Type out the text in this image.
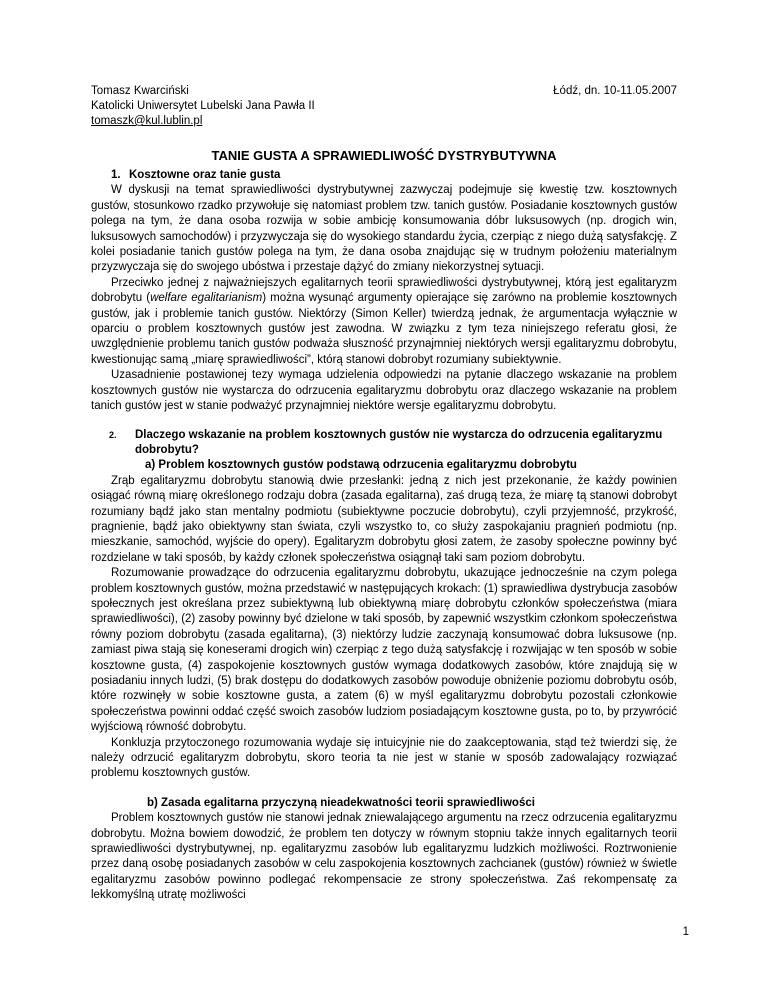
Tomasz Kwarciński
Katolicki Uniwersytet Lubelski Jana Pawła II
tomaszk@kul.lublin.pl
Łódź, dn. 10-11.05.2007
TANIE GUSTA A SPRAWIEDLIWOŚĆ DYSTRYBUTYWNA
1. Kosztowne oraz tanie gusta

W dyskusji na temat sprawiedliwości dystrybutywnej zazwyczaj podejmuje się kwestię tzw. kosztownych gustów, stosunkowo rzadko przywołuje się natomiast problem tzw. tanich gustów. Posiadanie kosztownych gustów polega na tym, że dana osoba rozwija w sobie ambicję konsumowania dóbr luksusowych (np. drogich win, luksusowych samochodów) i przyzwyczaja się do wysokiego standardu życia, czerpiąc z niego dużą satysfakcję. Z kolei posiadanie tanich gustów polega na tym, że dana osoba znajdując się w trudnym położeniu materialnym przyzwyczaja się do swojego ubóstwa i przestaje dążyć do zmiany niekorzystnej sytuacji.

Przeciwko jednej z najważniejszych egalitarnych teorii sprawiedliwości dystrybutywnej, którą jest egalitaryzm dobrobytu (welfare egalitarianism) można wysunąć argumenty opierające się zarówno na problemie kosztownych gustów, jak i problemie tanich gustów. Niektórzy (Simon Keller) twierdzą jednak, że argumentacja wyłącznie w oparciu o problem kosztownych gustów jest zawodna. W związku z tym teza niniejszego referatu głosi, że uwzględnienie problemu tanich gustów podważa słuszność przynajmniej niektórych wersji egalitaryzmu dobrobytu, kwestionując samą „miarę sprawiedliwości”, którą stanowi dobrobyt rozumiany subiektywnie.

Uzasadnienie postawionej tezy wymaga udzielenia odpowiedzi na pytanie dlaczego wskazanie na problem kosztownych gustów nie wystarcza do odrzucenia egalitaryzmu dobrobytu oraz dlaczego wskazanie na problem tanich gustów jest w stanie podważyć przynajmniej niektóre wersje egalitaryzmu dobrobytu.

2. Dlaczego wskazanie na problem kosztownych gustów nie wystarcza do odrzucenia egalitaryzmu dobrobytu?
a) Problem kosztownych gustów podstawą odrzucenia egalitaryzmu dobrobytu

Zrąb egalitaryzmu dobrobytu stanowią dwie przesłanki: jedną z nich jest przekonanie, że każdy powinien osiągać równą miarę określonego rodzaju dobra (zasada egalitarna), zaś drugą teza, że miarę tą stanowi dobrobyt rozumiany bądź jako stan mentalny podmiotu (subiektywne poczucie dobrobytu), czyli przyjemność, przykrość, pragnienie, bądź jako obiektywny stan świata, czyli wszystko to, co służy zaspokajaniu pragnień podmiotu (np. mieszkanie, samochód, wyjście do opery). Egalitaryzm dobrobytu głosi zatem, że zasoby społeczne powinny być rozdzielane w taki sposób, by każdy członek społeczeństwa osiągnął taki sam poziom dobrobytu.

Rozumowanie prowadzące do odrzucenia egalitaryzmu dobrobytu, ukazujące jednocześnie na czym polega problem kosztownych gustów, można przedstawić w następujących krokach: (1) sprawiedliwa dystrybucja zasobów społecznych jest określana przez subiektywną lub obiektywną miarę dobrobytu członków społeczeństwa (miara sprawiedliwości), (2) zasoby powinny być dzielone w taki sposób, by zapewnić wszystkim członkom społeczeństwa równy poziom dobrobytu (zasada egalitarna), (3) niektórzy ludzie zaczynają konsumować dobra luksusowe (np. zamiast piwa stają się koneserami drogich win) czerpiąc z tego dużą satysfakcję i rozwijając w ten sposób w sobie kosztowne gusta, (4) zaspokojenie kosztownych gustów wymaga dodatkowych zasobów, które znajdują się w posiadaniu innych ludzi, (5) brak dostępu do dodatkowych zasobów powoduje obniżenie poziomu dobrobytu osób, które rozwinęły w sobie kosztowne gusta, a zatem (6) w myśl egalitaryzmu dobrobytu pozostali członkowie społeczeństwa powinni oddać część swoich zasobów ludziom posiadającym kosztowne gusta, po to, by przywrócić wyjściową równość dobrobytu.

Konkluzja przytoczonego rozumowania wydaje się intuicyjnie nie do zaakceptowania, stąd też twierdzi się, że należy odrzucić egalitaryzm dobrobytu, skoro teoria ta nie jest w stanie w sposób zadowalający rozwiązać problemu kosztownych gustów.

b) Zasada egalitarna przyczyną nieadekwatności teorii sprawiedliwości

Problem kosztownych gustów nie stanowi jednak zniewalającego argumentu na rzecz odrzucenia egalitaryzmu dobrobytu. Można bowiem dowodzić, że problem ten dotyczy w równym stopniu także innych egalitarnych teorii sprawiedliwości dystrybutywnej, np. egalitaryzmu zasobów lub egalitaryzmu ludzkich możliwości. Roztrwonienie przez daną osobę posiadanych zasobów w celu zaspokojenia kosztownych zachcianek (gustów) również w świetle egalitaryzmu zasobów powinno podlegać rekompensacie ze strony społeczeństwa. Zaś rekompensatę za lekkomyślną utratę możliwości

1
